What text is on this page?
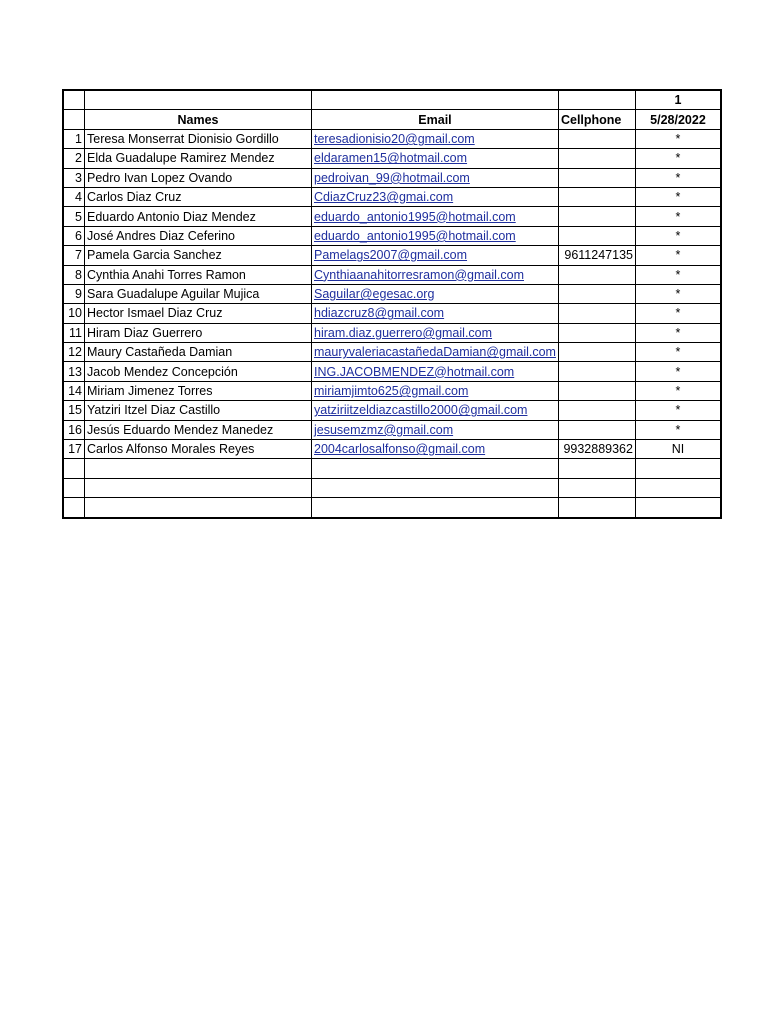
				1
	Names	Email	Cellphone	5/28/2022
1	Teresa Monserrat Dionisio Gordillo	teresadionisio20@gmail.com		*
2	Elda Guadalupe Ramirez Mendez	eldaramen15@hotmail.com		*
3	Pedro Ivan Lopez Ovando	pedroivan_99@hotmail.com		*
4	Carlos Diaz Cruz	CdiazCruz23@gmai.com		*
5	Eduardo Antonio Diaz Mendez	eduardo_antonio1995@hotmail.com		*
6	José Andres Diaz Ceferino	eduardo_antonio1995@hotmail.com		*
7	Pamela Garcia Sanchez	Pamelags2007@gmail.com	9611247135	*
8	Cynthia Anahi Torres Ramon	Cynthiaanahitorresramon@gmail.com		*
9	Sara Guadalupe Aguilar Mujica	Saguilar@egesac.org		*
10	Hector Ismael Diaz Cruz	hdiazcruz8@gmail.com		*
11	Hiram Diaz Guerrero	hiram.diaz.guerrero@gmail.com		*
12	Maury Castañeda Damian	mauryvaleriacastañedaDamian@gmail.com		*
13	Jacob Mendez Concepción	ING.JACOBMENDEZ@hotmail.com		*
14	Miriam Jimenez Torres	miriamjimto625@gmail.com		*
15	Yatziri Itzel Diaz Castillo	yatziriitzeldiazcastillo2000@gmail.com		*
16	Jesús Eduardo Mendez Manedez	jesusemzmz@gmail.com		*
17	Carlos Alfonso Morales Reyes	2004carlosalfonso@gmail.com	9932889362	NI
